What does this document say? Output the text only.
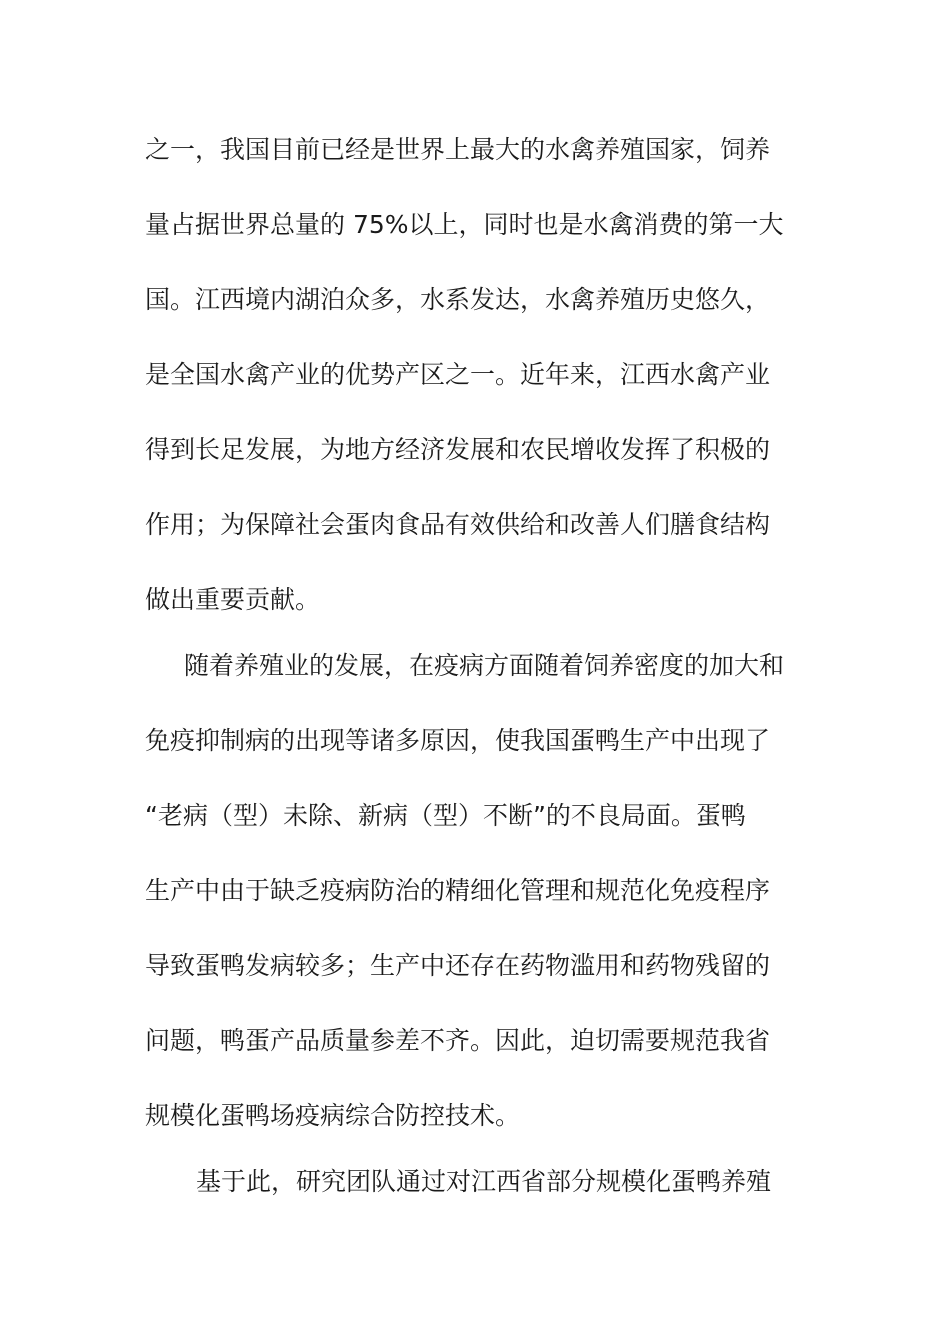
之一，我国目前已经是世界上最大的水禽养殖国家，饲养
量占据世界总量的 75%以上，同时也是水禽消费的第一大
国。江西境内湖泊众多，水系发达，水禽养殖历史悠久，
是全国水禽产业的优势产区之一。近年来，江西水禽产业
得到长足发展，为地方经济发展和农民增收发挥了积极的
作用；为保障社会蛋肉食品有效供给和改善人们膳食结构
做出重要贡献。
随着养殖业的发展，在疫病方面随着饲养密度的加大和
免疫抑制病的出现等诸多原因，使我国蛋鸭生产中出现了
“老病（型）未除、新病（型）不断”的不良局面。蛋鸭
生产中由于缺乏疫病防治的精细化管理和规范化免疫程序
导致蛋鸭发病较多；生产中还存在药物滥用和药物残留的
问题，鸭蛋产品质量参差不齐。因此，迫切需要规范我省
规模化蛋鸭场疫病综合防控技术。
基于此，研究团队通过对江西省部分规模化蛋鸭养殖
